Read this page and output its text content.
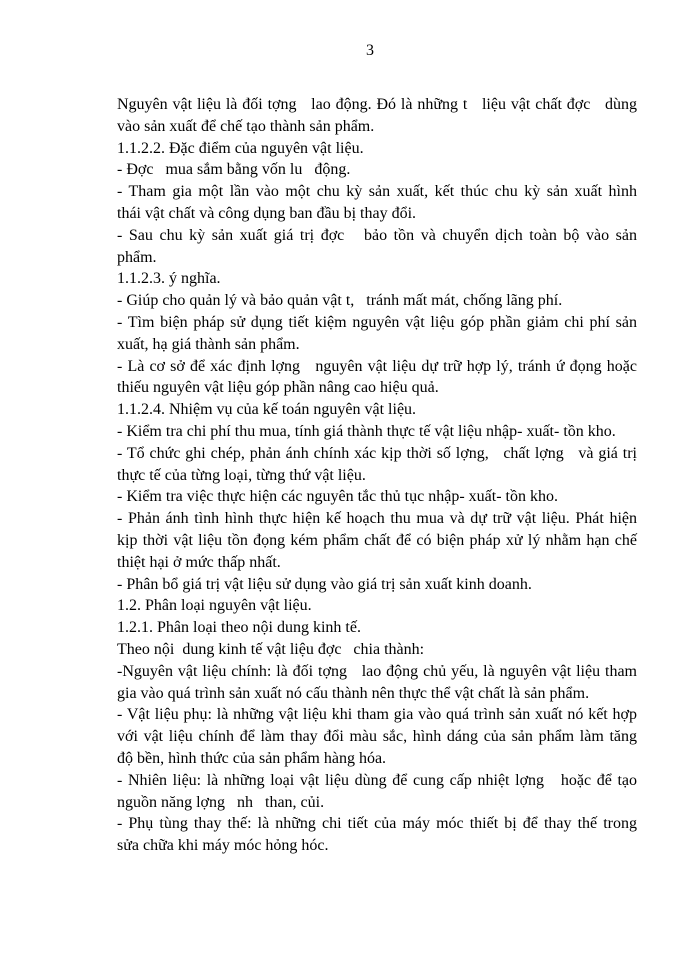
3
Nguyên vật liệu là đối tợng   lao động. Đó là những t   liệu vật chất đợc   dùng
vào sản xuất để chế tạo thành sản phẩm.
1.1.2.2. Đặc điểm của nguyên vật liệu.
- Đợc   mua sắm bằng vốn lu   động.
- Tham gia một lần vào một chu kỳ sản xuất, kết thúc chu kỳ sản xuất hình
thái vật chất và công dụng ban đầu bị thay đổi.
- Sau chu kỳ sản xuất giá trị đợc   bảo tồn và chuyển dịch toàn bộ vào sản
phẩm.
1.1.2.3. ý nghĩa.
- Giúp cho quản lý và bảo quản vật t,   tránh mất mát, chống lãng phí.
- Tìm biện pháp sử dụng tiết kiệm nguyên vật liệu góp phần giảm chi phí sản
xuất, hạ giá thành sản phẩm.
- Là cơ sở để xác định lợng   nguyên vật liệu dự trữ hợp lý, tránh ứ đọng hoặc
thiếu nguyên vật liệu góp phần nâng cao hiệu quả.
1.1.2.4. Nhiệm vụ của kế toán nguyên vật liệu.
- Kiểm tra chi phí thu mua, tính giá thành thực tế vật liệu nhập- xuất- tồn kho.
- Tổ chức ghi chép, phản ánh chính xác kịp thời số lợng,   chất lợng   và giá trị
thực tế của từng loại, từng thứ vật liệu.
- Kiểm tra việc thực hiện các nguyên tắc thủ tục nhập- xuất- tồn kho.
- Phản ánh tình hình thực hiện kế hoạch thu mua và dự trữ vật liệu. Phát hiện
kịp thời vật liệu tồn đọng kém phẩm chất để có biện pháp xử lý nhằm hạn chế
thiệt hại ở mức thấp nhất.
- Phân bổ giá trị vật liệu sử dụng vào giá trị sản xuất kinh doanh.
1.2. Phân loại nguyên vật liệu.
1.2.1. Phân loại theo nội dung kinh tế.
Theo nội  dung kinh tế vật liệu đợc   chia thành:
-Nguyên vật liệu chính: là đối tợng   lao động chủ yếu, là nguyên vật liệu tham
gia vào quá trình sản xuất nó cấu thành nên thực thể vật chất là sản phẩm.
- Vật liệu phụ: là những vật liệu khi tham gia vào quá trình sản xuất nó kết hợp
với vật liệu chính để làm thay đổi màu sắc, hình dáng của sản phẩm làm tăng
độ bền, hình thức của sản phẩm hàng hóa.
- Nhiên liệu: là những loại vật liệu dùng để cung cấp nhiệt lợng   hoặc để tạo
nguồn năng lợng   nh   than, củi.
- Phụ tùng thay thế: là những chi tiết của máy móc thiết bị để thay thế trong
sửa chữa khi máy móc hỏng hóc.
